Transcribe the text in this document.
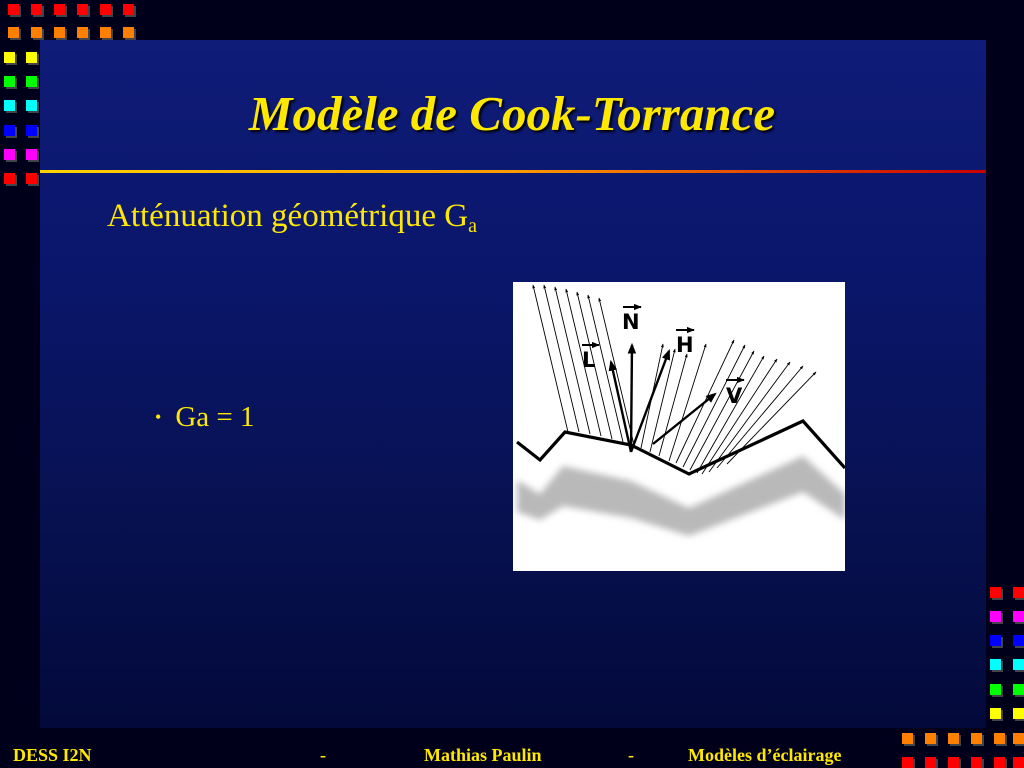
Modèle de Cook-Torrance
Atténuation géométrique $G_a$
• Ga = 1
N
H
L
V
DESS I2N	-	Mathias Paulin	-	Modèles d’éclairage
